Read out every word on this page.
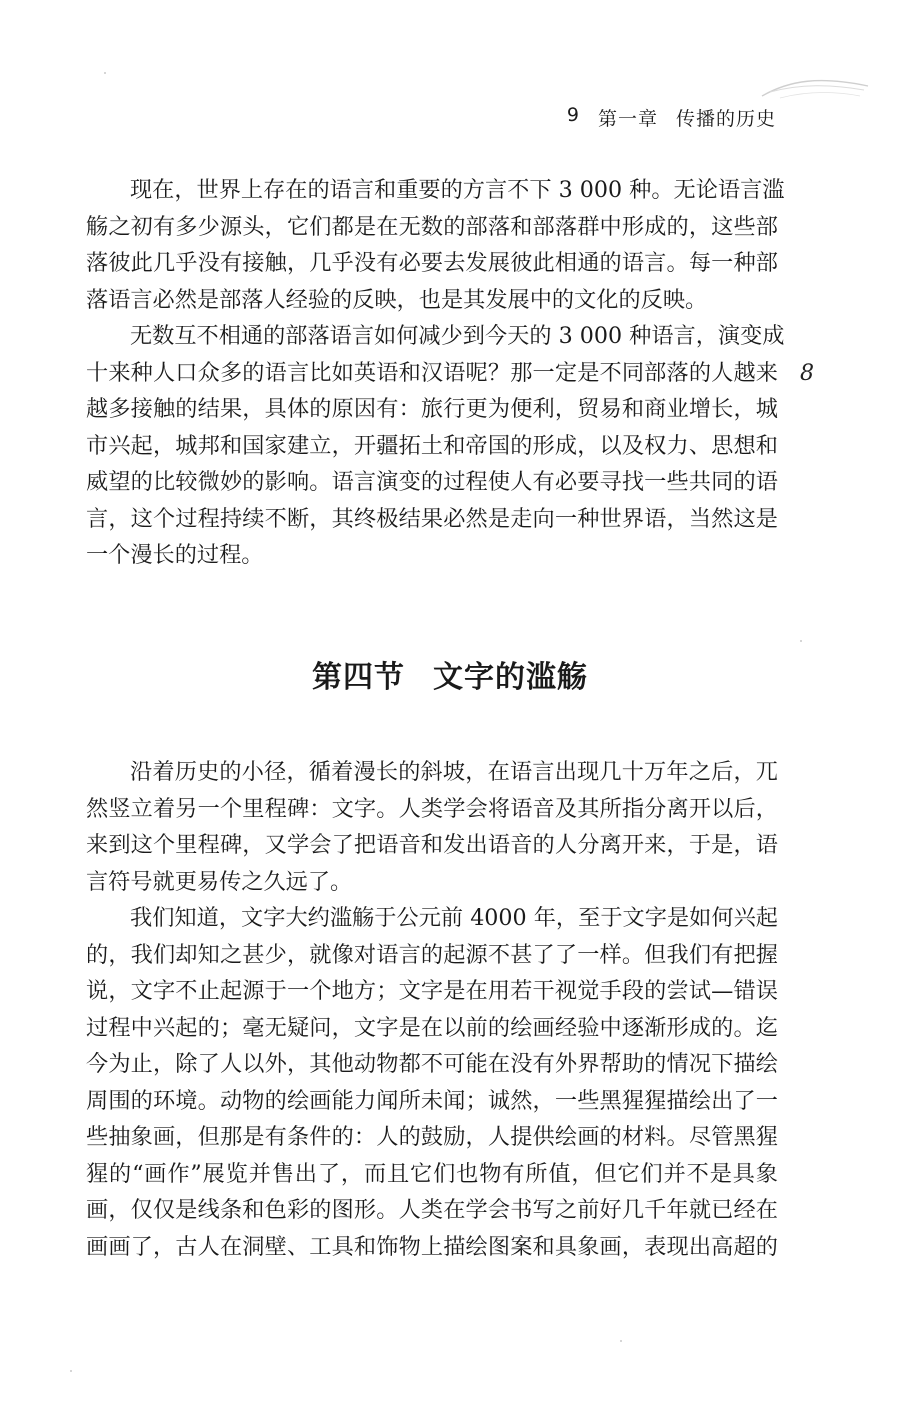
9 第一章 传播的历史

现在，世界上存在的语言和重要的方言不下 3 000 种。无论语言滥
觞之初有多少源头，它们都是在无数的部落和部落群中形成的，这些部
落彼此几乎没有接触，几乎没有必要去发展彼此相通的语言。每一种部
落语言必然是部落人经验的反映，也是其发展中的文化的反映。

无数互不相通的部落语言如何减少到今天的 3 000 种语言，演变成
十来种人口众多的语言比如英语和汉语呢？那一定是不同部落的人越来
越多接触的结果，具体的原因有：旅行更为便利，贸易和商业增长，城
市兴起，城邦和国家建立，开疆拓土和帝国的形成，以及权力、思想和
威望的比较微妙的影响。语言演变的过程使人有必要寻找一些共同的语
言，这个过程持续不断，其终极结果必然是走向一种世界语，当然这是
一个漫长的过程。

8
第四节 文字的滥觞

沿着历史的小径，循着漫长的斜坡，在语言出现几十万年之后，兀
然竖立着另一个里程碑：文字。人类学会将语音及其所指分离开以后，
来到这个里程碑，又学会了把语音和发出语音的人分离开来，于是，语
言符号就更易传之久远了。

我们知道，文字大约滥觞于公元前 4000 年，至于文字是如何兴起
的，我们却知之甚少，就像对语言的起源不甚了了一样。但我们有把握
说，文字不止起源于一个地方；文字是在用若干视觉手段的尝试—错误
过程中兴起的；毫无疑问，文字是在以前的绘画经验中逐渐形成的。迄
今为止，除了人以外，其他动物都不可能在没有外界帮助的情况下描绘
周围的环境。动物的绘画能力闻所未闻；诚然，一些黑猩猩描绘出了一
些抽象画，但那是有条件的：人的鼓励，人提供绘画的材料。尽管黑猩
猩的“画作”展览并售出了，而且它们也物有所值，但它们并不是具象
画，仅仅是线条和色彩的图形。人类在学会书写之前好几千年就已经在
画画了，古人在洞壁、工具和饰物上描绘图案和具象画，表现出高超的
